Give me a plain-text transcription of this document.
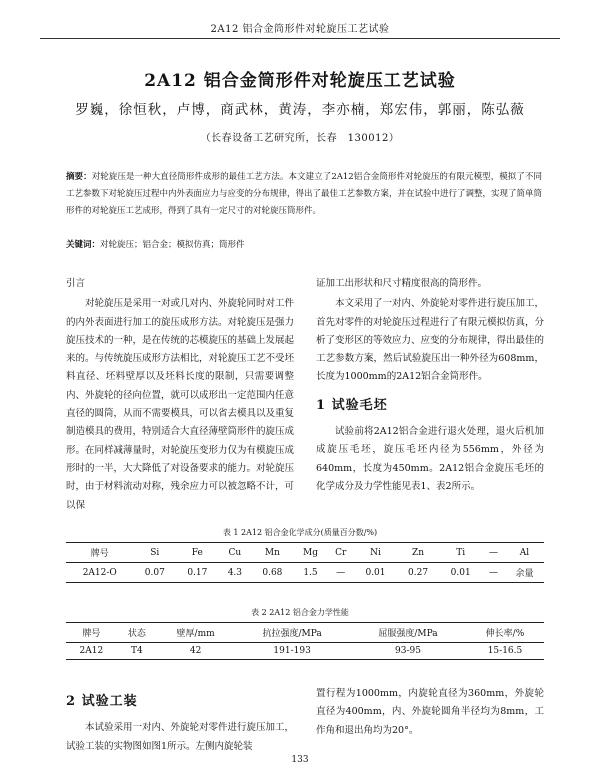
2A12 铝合金筒形件对轮旋压工艺试验
2A12 铝合金筒形件对轮旋压工艺试验
罗巍，徐恒秋，卢博，商武林，黄涛，李亦楠，郑宏伟，郭丽，陈弘薇
（长春设备工艺研究所，长春　130012）
摘要：对轮旋压是一种大直径筒形件成形的最佳工艺方法。本文建立了2A12铝合金筒形件对轮旋压的有限元模型，模拟了不同工艺参数下对轮旋压过程中内外表面应力与应变的分布规律，得出了最佳工艺参数方案，并在试验中进行了调整，实现了简单筒形件的对轮旋压工艺成形，得到了具有一定尺寸的对轮旋压筒形件。
关键词：对轮旋压；铝合金；模拟仿真；筒形件
引言
对轮旋压是采用一对或几对内、外旋轮同时对工件的内外表面进行加工的旋压成形方法。对轮旋压是强力旋压技术的一种，是在传统的芯模旋压的基础上发展起来的。与传统旋压成形方法相比，对轮旋压工艺不受坯料直径、坯料壁厚以及坯料长度的限制，只需要调整内、外旋轮的径向位置，就可以成形出一定范围内任意直径的圆筒，从而不需要模具，可以省去模具以及重复制造模具的费用，特别适合大直径薄壁筒形件的旋压成形。在同样减薄量时，对轮旋压变形力仅为有模旋压成形时的一半，大大降低了对设备要求的能力。对轮旋压时，由于材料流动对称，残余应力可以被忽略不计，可以保
证加工出形状和尺寸精度很高的筒形件。
本文采用了一对内、外旋轮对零件进行旋压加工，首先对零件的对轮旋压过程进行了有限元模拟仿真，分析了变形区的等效应力、应变的分布规律，得出最佳的工艺参数方案，然后试验旋压出一种外径为608mm，长度为1000mm的2A12铝合金筒形件。
1 试验毛坯
试验前将2A12铝合金进行退火处理，退火后机加成旋压毛坯，旋压毛坯内径为556mm，外径为640mm，长度为450mm。2A12铝合金旋压毛坯的化学成分及力学性能见表1、表2所示。
表 1 2A12 铝合金化学成分(质量百分数/%)
牌号	Si	Fe	Cu	Mn	Mg	Cr	Ni	Zn	Ti	—	Al
2A12-O	0.07	0.17	4.3	0.68	1.5	—	0.01	0.27	0.01	—	余量
表 2 2A12 铝合金力学性能
牌号	状态	壁厚/mm	抗拉强度/MPa	屈服强度/MPa	伸长率/%
2A12	T4	42	191-193	93-95	15-16.5
2 试验工装
本试验采用一对内、外旋轮对零件进行旋压加工，试验工装的实物图如图1所示。左侧内旋轮装
置行程为1000mm，内旋轮直径为360mm，外旋轮直径为400mm，内、外旋轮圆角半径均为8mm，工作角和退出角均为20°。
133
